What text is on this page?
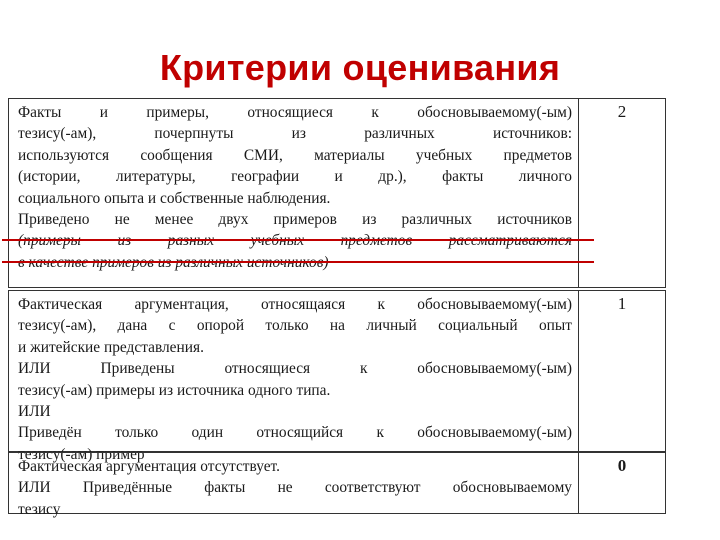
Критерии оценивания
Факты и примеры, относящиеся к обосновываемому(-ым)
тезису(-ам), почерпнуты из различных источников:
используются сообщения СМИ, материалы учебных предметов
(истории, литературы, географии и др.), факты личного
социального опыта и собственные наблюдения.
Приведено не менее двух примеров из различных источников
2
Фактическая аргументация, относящаяся к обосновываемому(-ым)
тезису(-ам), дана с опорой только на личный социальный опыт
и житейские представления.
ИЛИ Приведены относящиеся к обосновываемому(-ым)
тезису(-ам) примеры из источника одного типа.
ИЛИ
Приведён только один относящийся к обосновываемому(-ым)
тезису(-ам) пример
1
Фактическая аргументация отсутствует.
ИЛИ Приведённые факты не соответствуют обосновываемому
тезису
0
